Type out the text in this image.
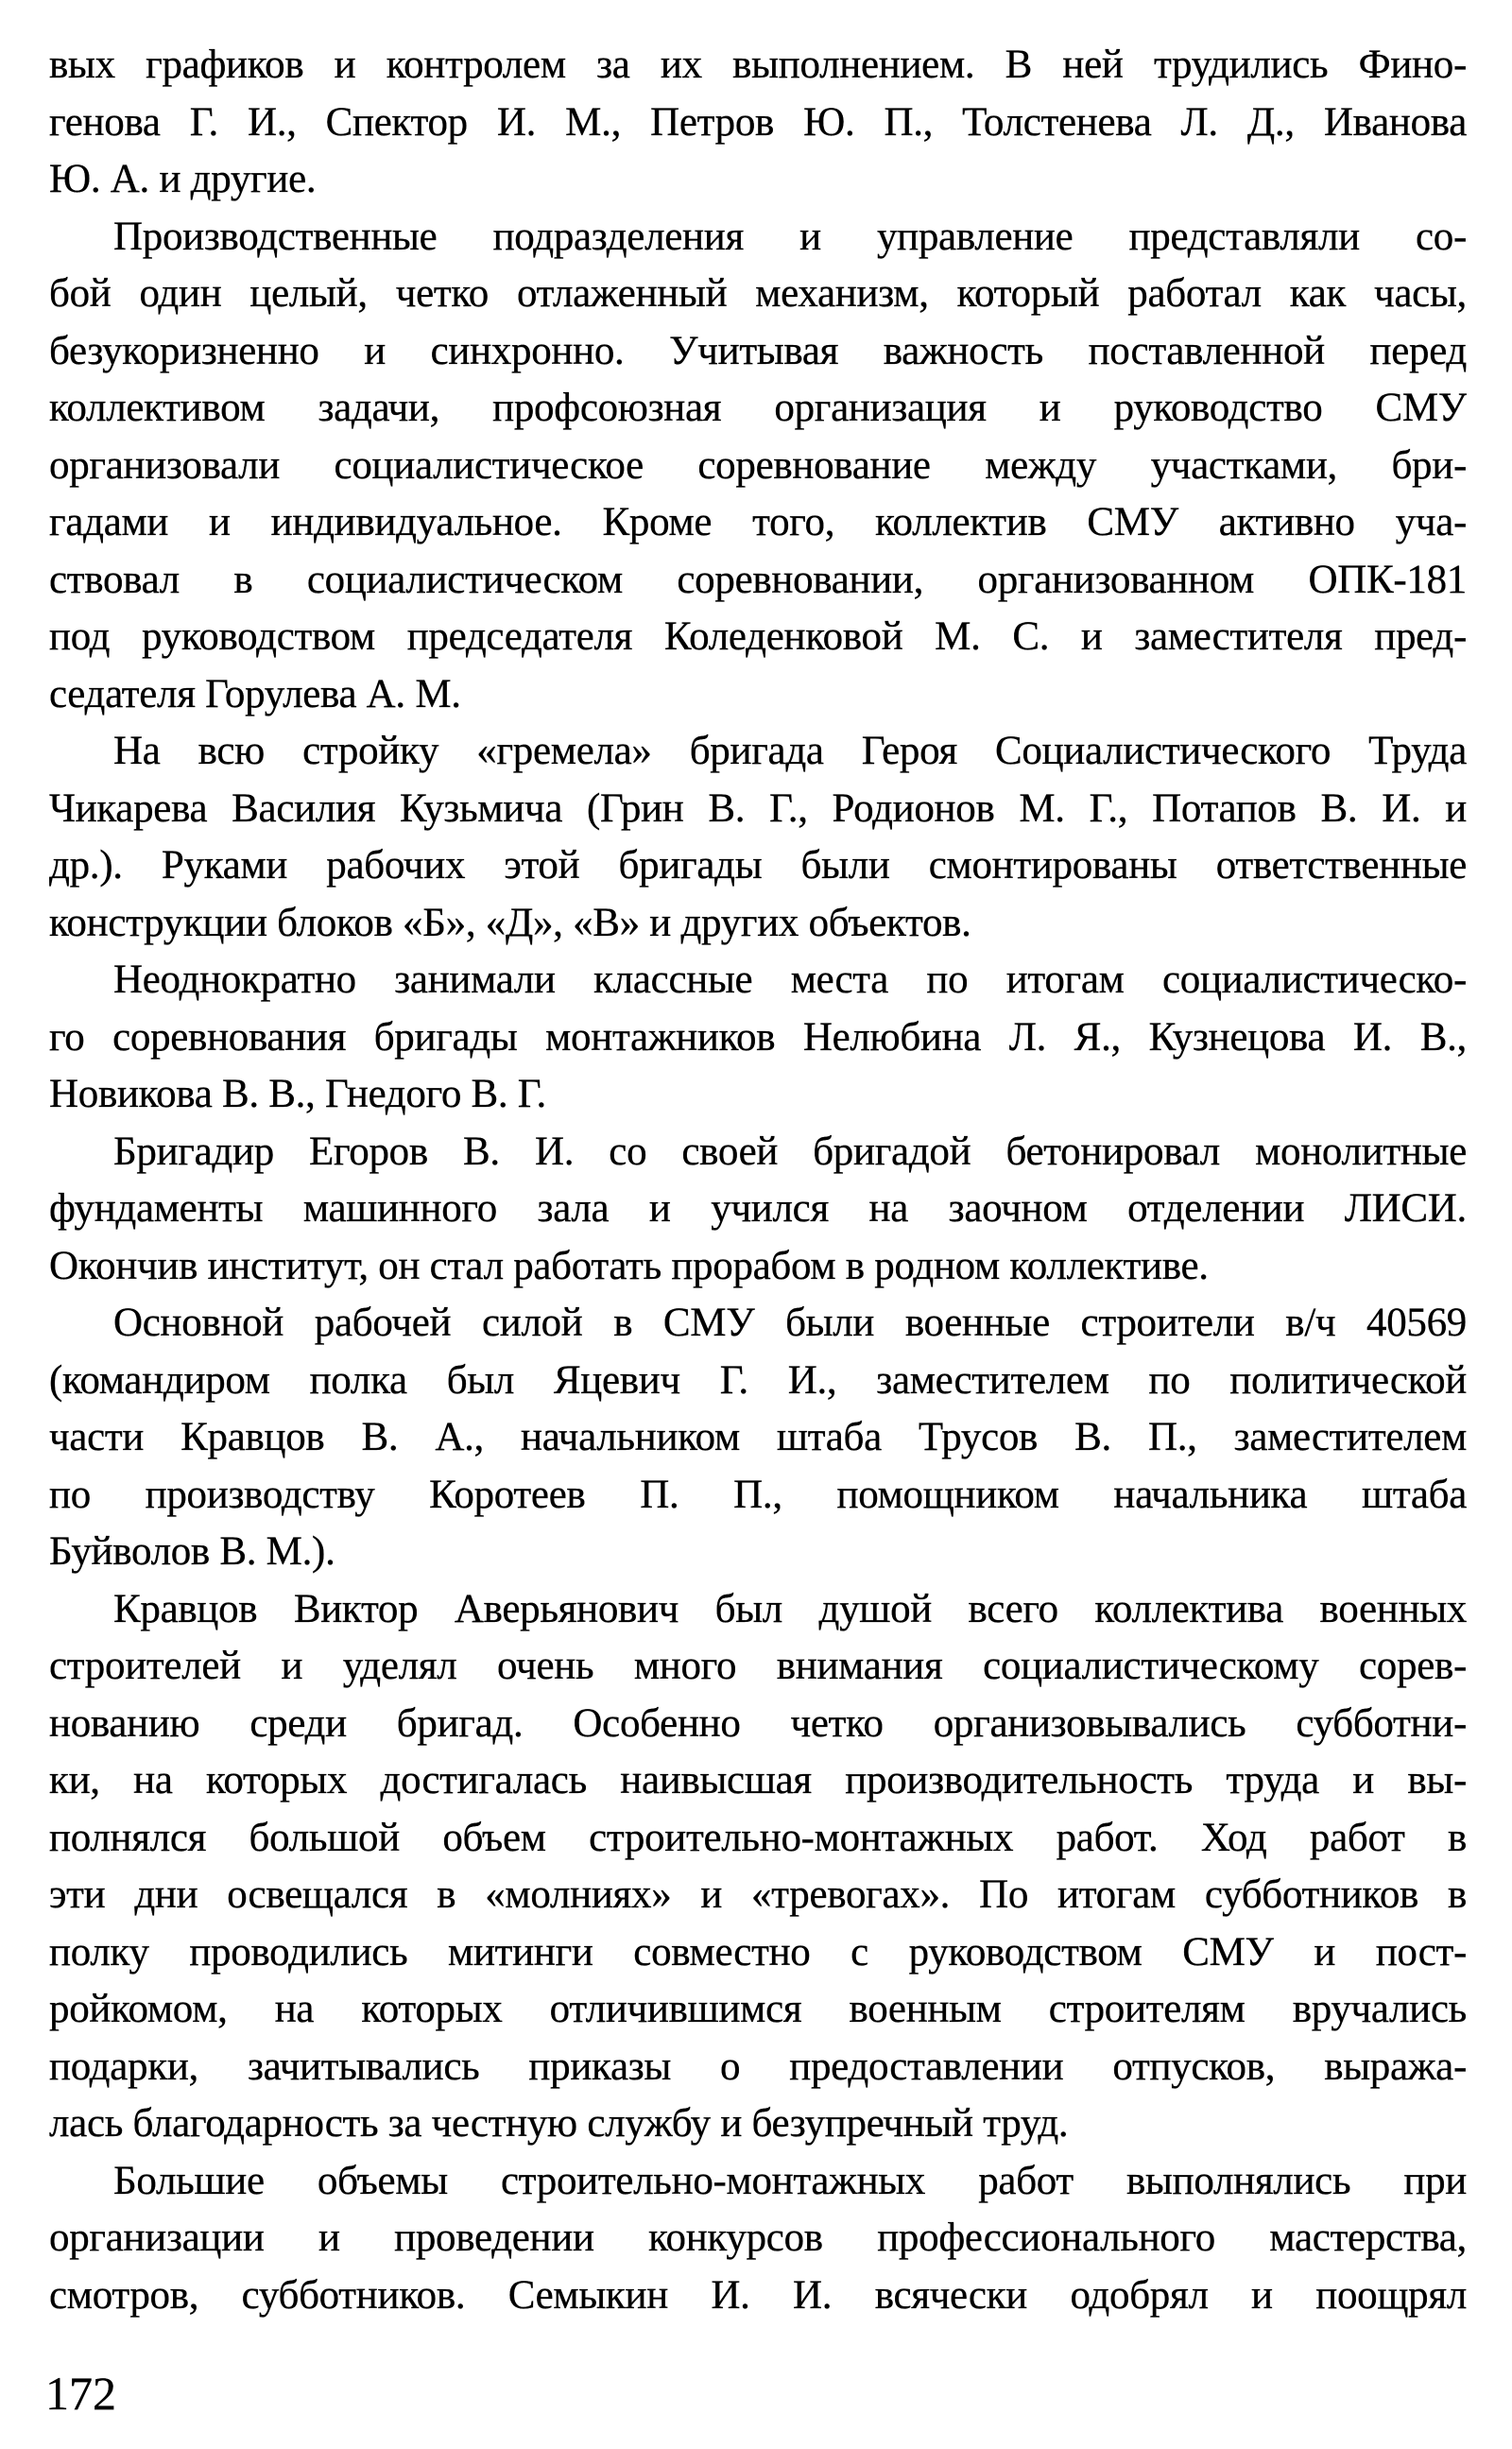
вых графиков и контролем за их выполнением. В ней трудились Фино-
генова Г. И., Спектор И. М., Петров Ю. П., Толстенева Л. Д., Иванова
Ю. А. и другие.
Производственные подразделения и управление представляли со-
бой один целый, четко отлаженный механизм, который работал как часы,
безукоризненно и синхронно. Учитывая важность поставленной перед
коллективом задачи, профсоюзная организация и руководство СМУ
организовали социалистическое соревнование между участками, бри-
гадами и индивидуальное. Кроме того, коллектив СМУ активно уча-
ствовал в социалистическом соревновании, организованном ОПК-181
под руководством председателя Коледенковой М. С. и заместителя пред-
седателя Горулева А. М.
На всю стройку «гремела» бригада Героя Социалистического Труда
Чикарева Василия Кузьмича (Грин В. Г., Родионов М. Г., Потапов В. И. и
др.). Руками рабочих этой бригады были смонтированы ответственные
конструкции блоков «Б», «Д», «В» и других объектов.
Неоднократно занимали классные места по итогам социалистическо-
го соревнования бригады монтажников Нелюбина Л. Я., Кузнецова И. В.,
Новикова В. В., Гнедого В. Г.
Бригадир Егоров В. И. со своей бригадой бетонировал монолитные
фундаменты машинного зала и учился на заочном отделении ЛИСИ.
Окончив институт, он стал работать прорабом в родном коллективе.
Основной рабочей силой в СМУ были военные строители в/ч 40569
(командиром полка был Яцевич Г. И., заместителем по политической
части Кравцов В. А., начальником штаба Трусов В. П., заместителем
по производству Коротеев П. П., помощником начальника штаба
Буйволов В. М.).
Кравцов Виктор Аверьянович был душой всего коллектива военных
строителей и уделял очень много внимания социалистическому сорев-
нованию среди бригад. Особенно четко организовывались субботни-
ки, на которых достигалась наивысшая производительность труда и вы-
полнялся большой объем строительно-монтажных работ. Ход работ в
эти дни освещался в «молниях» и «тревогах». По итогам субботников в
полку проводились митинги совместно с руководством СМУ и пост-
ройкомом, на которых отличившимся военным строителям вручались
подарки, зачитывались приказы о предоставлении отпусков, выража-
лась благодарность за честную службу и безупречный труд.
Большие объемы строительно-монтажных работ выполнялись при
организации и проведении конкурсов профессионального мастерства,
смотров, субботников. Семыкин И. И. всячески одобрял и поощрял
172
